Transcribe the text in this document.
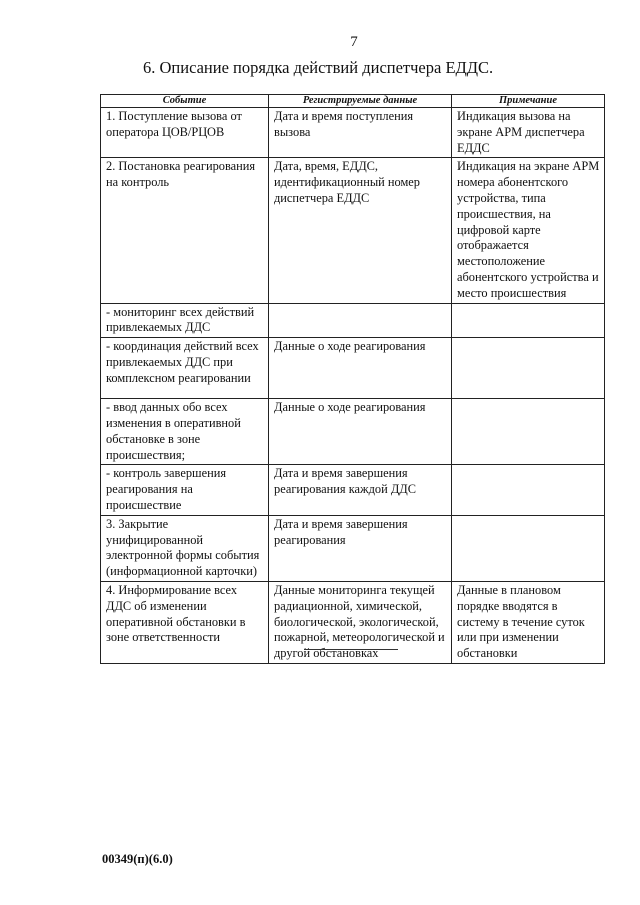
7
6. Описание порядка действий диспетчера ЕДДС.
Событие	Регистрируемые данные	Примечание
1. Поступление вызова от оператора ЦОВ/РЦОВ	Дата и время поступления вызова	Индикация вызова на экране АРМ диспетчера ЕДДС
2. Постановка реагирования на контроль	Дата, время, ЕДДС, идентификационный номер диспетчера ЕДДС	Индикация на экране АРМ номера абонентского устройства, типа происшествия, на цифровой карте отображается местоположение абонентского устройства и место происшествия
- мониторинг всех действий привлекаемых ДДС		
- координация действий всех привлекаемых ДДС при комплексном реагировании	Данные о ходе реагирования	
- ввод данных обо всех изменения в оперативной обстановке в зоне происшествия;	Данные о ходе реагирования	
- контроль завершения реагирования на происшествие	Дата и время завершения реагирования каждой ДДС	
3. Закрытие унифицированной электронной формы события (информационной карточки)	Дата и время завершения реагирования	
4. Информирование всех ДДС об изменении оперативной обстановки в зоне ответственности	Данные мониторинга текущей радиационной, химической, биологической, экологической, пожарной, метеорологической и другой обстановках	Данные в плановом порядке вводятся в систему в течение суток или при изменении обстановки
00349(п)(6.0)
